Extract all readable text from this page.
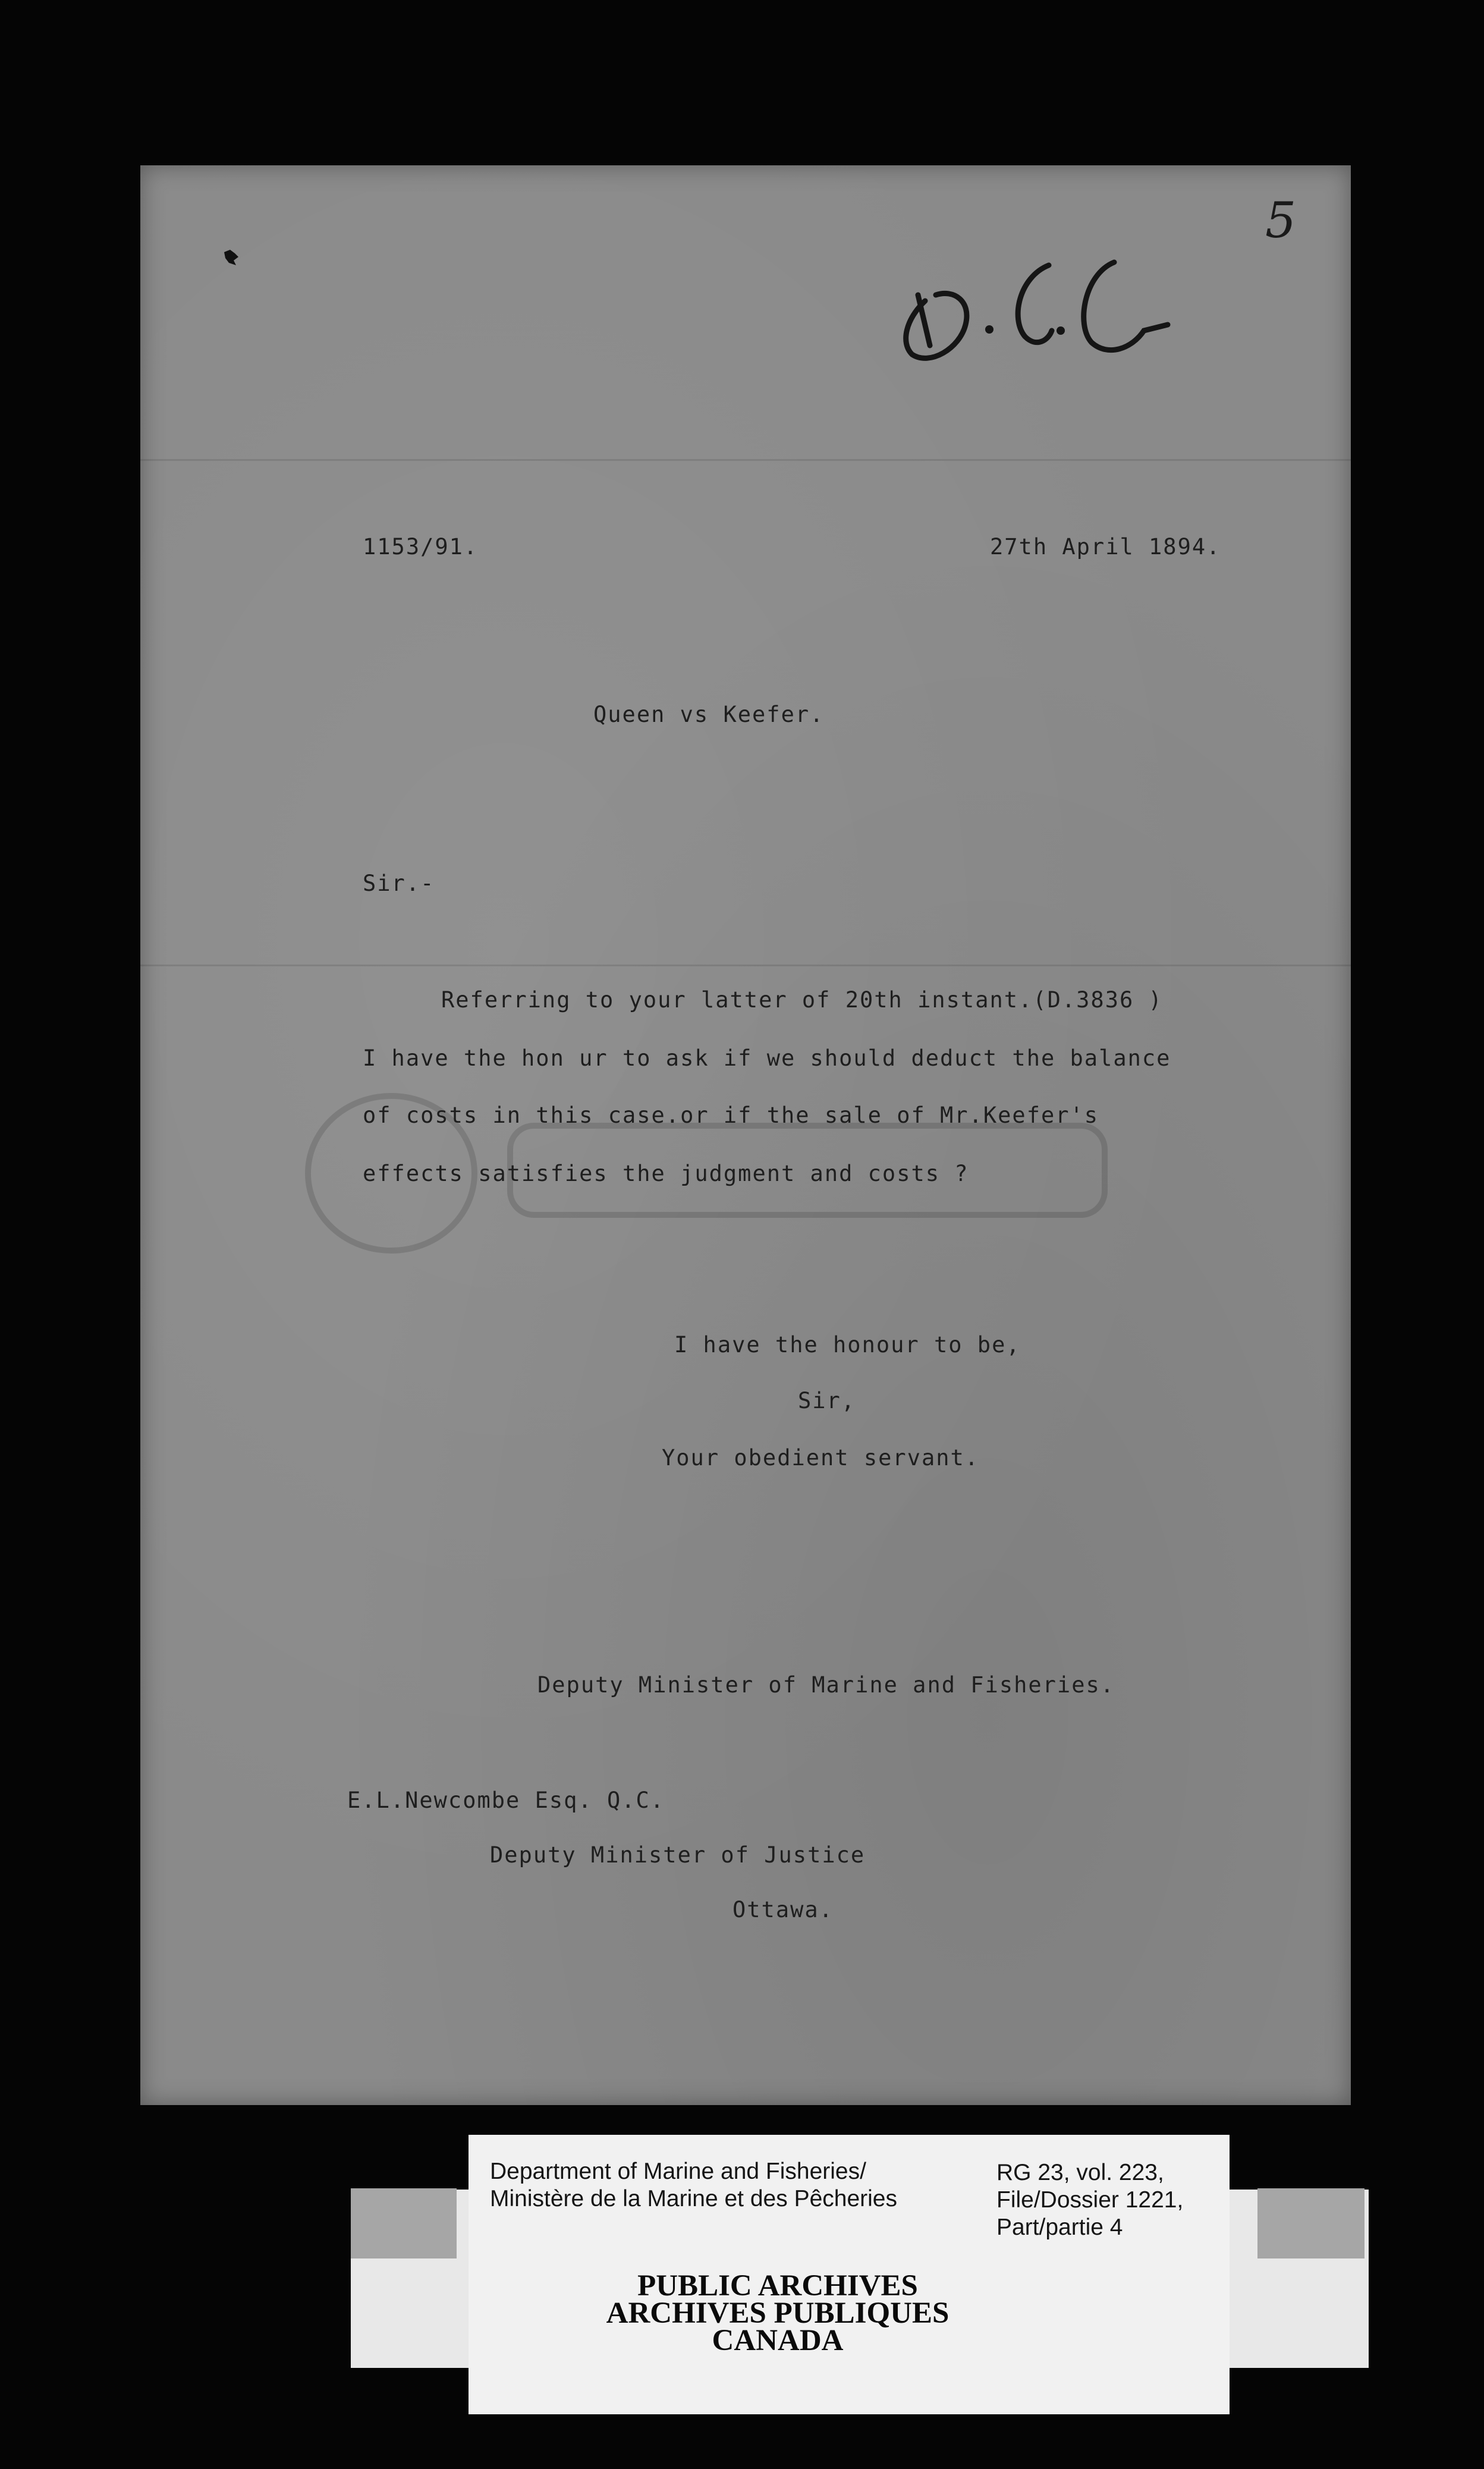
5
1153/91.	27th April 1894.
Queen vs Keefer.
Sir.-
Referring to your latter of 20th instant.(D.3836 )
I have the hon ur to ask if we should deduct the balance
of costs in this case.or if the sale of Mr.Keefer's
effects satisfies the judgment and costs ?
I have the honour to be,
Sir,
Your obedient servant.
Deputy Minister of Marine and Fisheries.
E.L.Newcombe Esq. Q.C.
Deputy Minister of Justice
Ottawa.
Department of Marine and Fisheries/
Ministère de la Marine et des Pêcheries
RG 23, vol. 223,
File/Dossier 1221,
Part/partie 4
PUBLIC ARCHIVES
ARCHIVES PUBLIQUES
CANADA
